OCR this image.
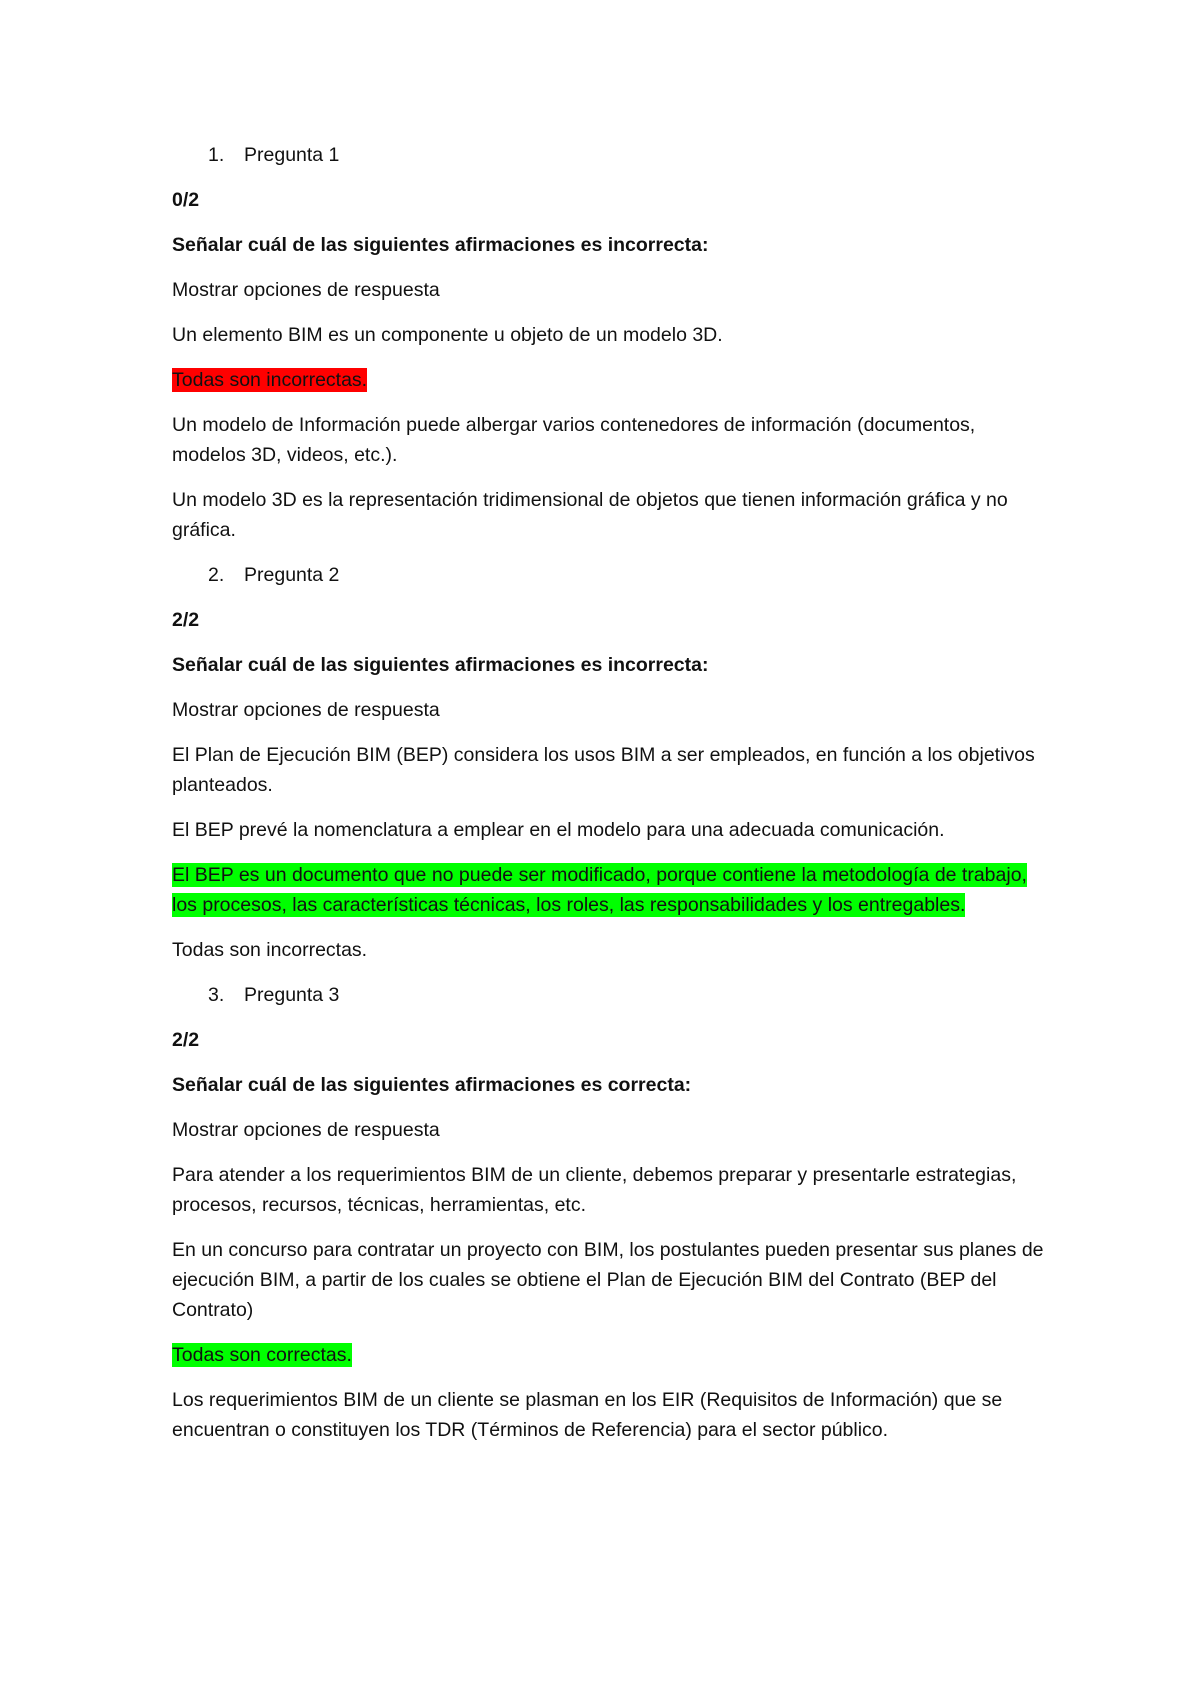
1. Pregunta 1
0/2
Señalar cuál de las siguientes afirmaciones es incorrecta:
Mostrar opciones de respuesta
Un elemento BIM es un componente u objeto de un modelo 3D.
Todas son incorrectas.
Un modelo de Información puede albergar varios contenedores de información (documentos, modelos 3D, videos, etc.).
Un modelo 3D es la representación tridimensional de objetos que tienen información gráfica y no gráfica.
2. Pregunta 2
2/2
Señalar cuál de las siguientes afirmaciones es incorrecta:
Mostrar opciones de respuesta
El Plan de Ejecución BIM (BEP) considera los usos BIM a ser empleados, en función a los objetivos planteados.
El BEP prevé la nomenclatura a emplear en el modelo para una adecuada comunicación.
El BEP es un documento que no puede ser modificado, porque contiene la metodología de trabajo, los procesos, las características técnicas, los roles, las responsabilidades y los entregables.
Todas son incorrectas.
3. Pregunta 3
2/2
Señalar cuál de las siguientes afirmaciones es correcta:
Mostrar opciones de respuesta
Para atender a los requerimientos BIM de un cliente, debemos preparar y presentarle estrategias, procesos, recursos, técnicas, herramientas, etc.
En un concurso para contratar un proyecto con BIM, los postulantes pueden presentar sus planes de ejecución BIM, a partir de los cuales se obtiene el Plan de Ejecución BIM del Contrato (BEP del Contrato)
Todas son correctas.
Los requerimientos BIM de un cliente se plasman en los EIR (Requisitos de Información) que se encuentran o constituyen los TDR (Términos de Referencia) para el sector público.
